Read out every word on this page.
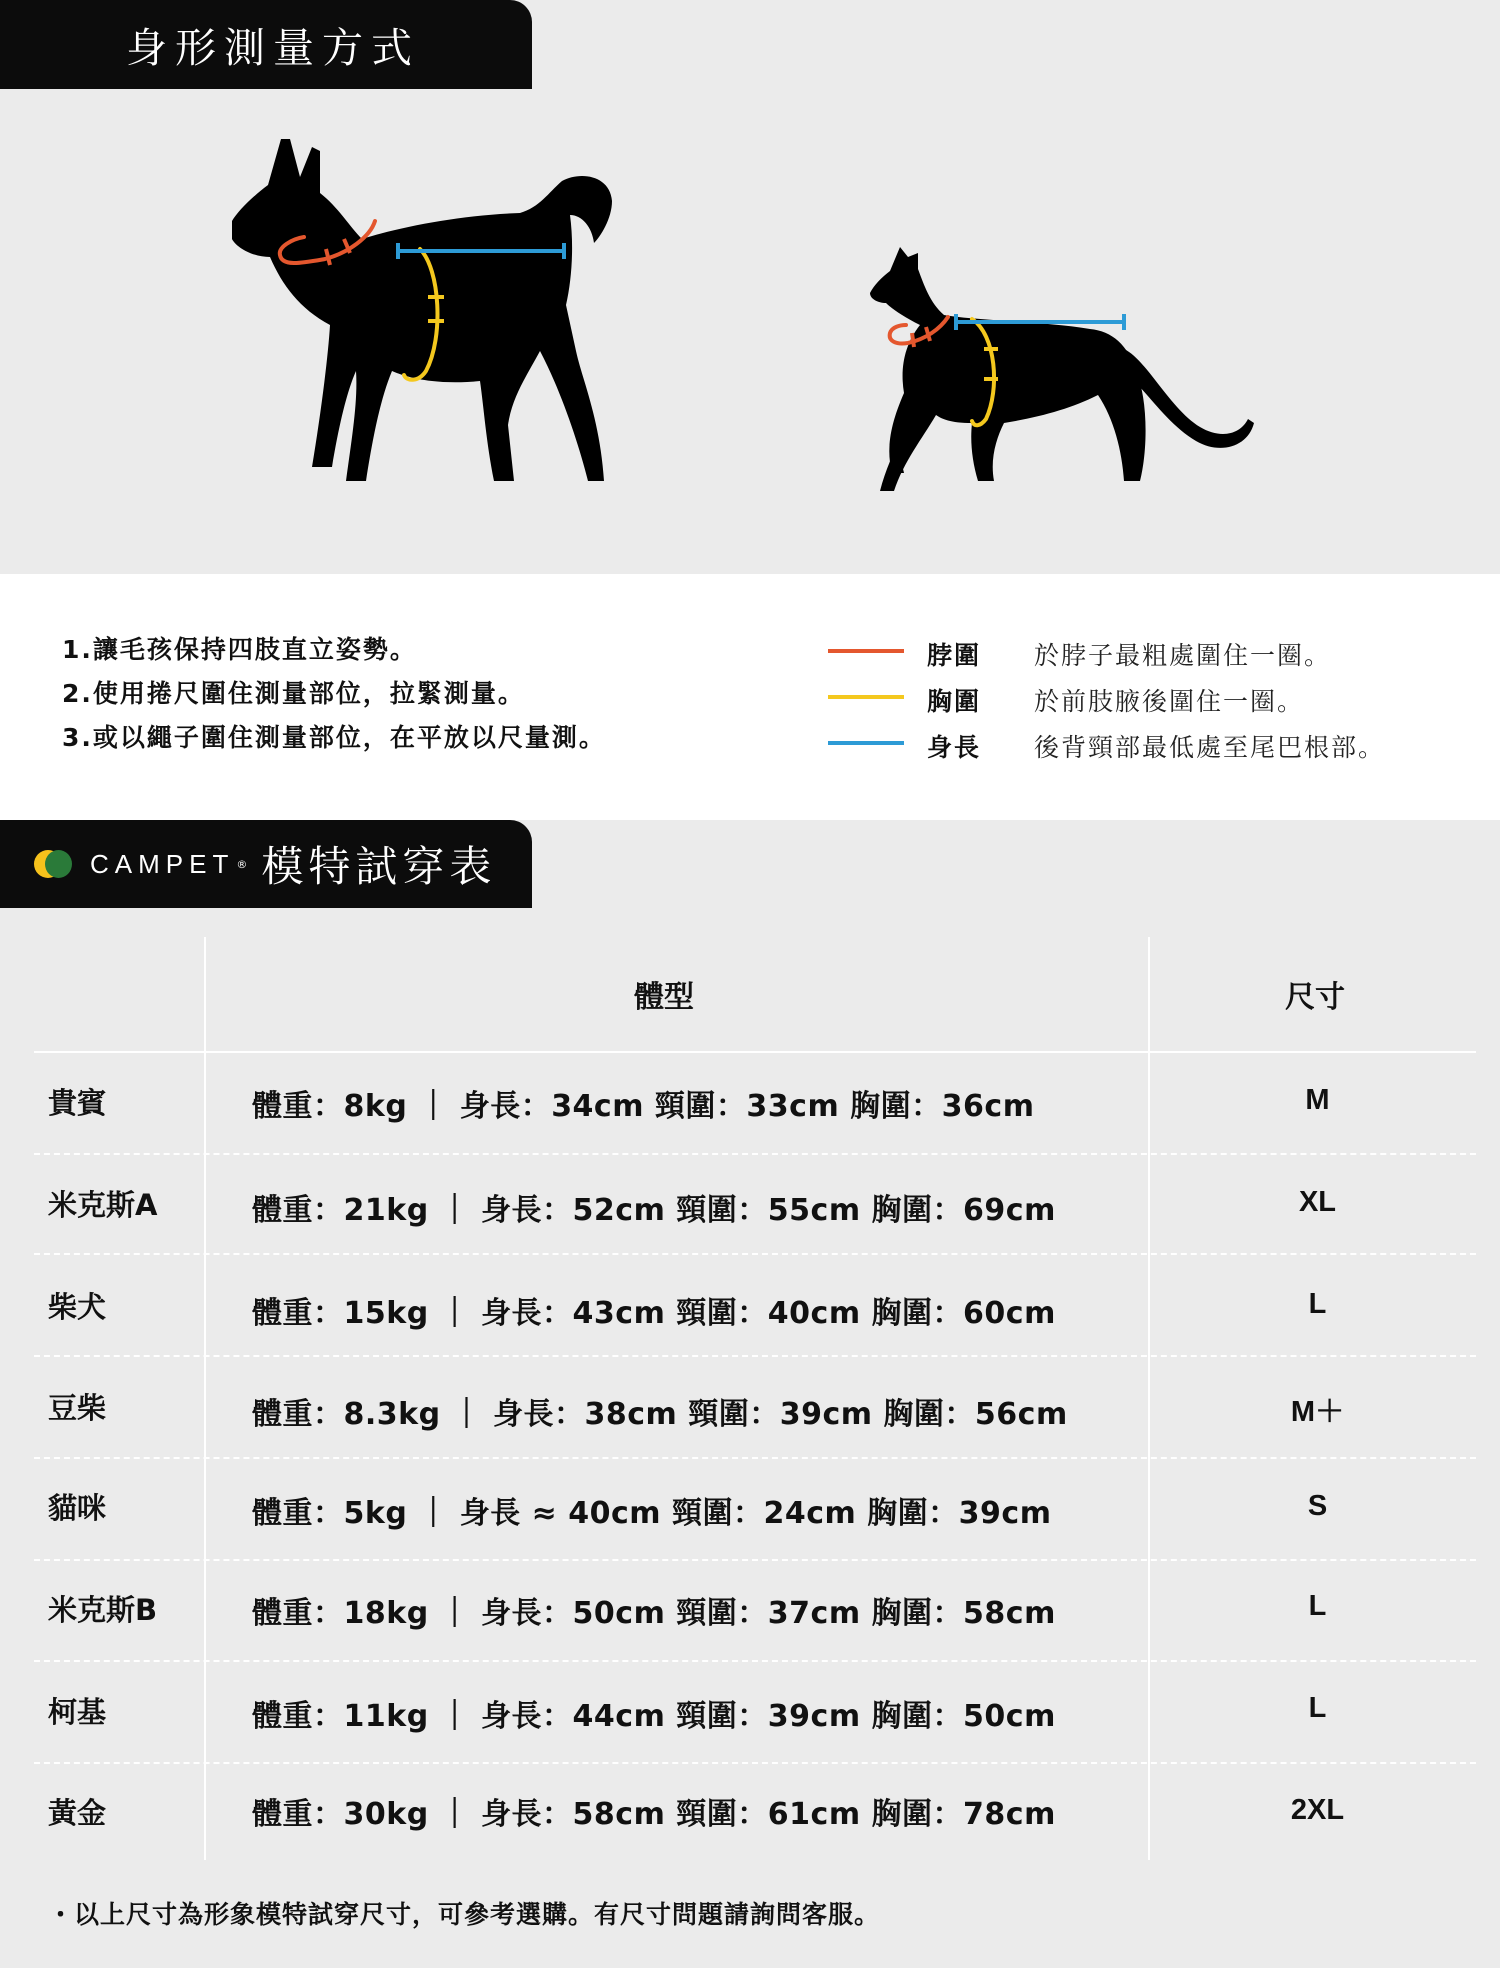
身形測量方式
1.讓毛孩保持四肢直立姿勢。
2.使用捲尺圍住測量部位，拉緊測量。
3.或以繩子圍住測量部位，在平放以尺量測。
脖圍 於脖子最粗處圍住一圈。
胸圍 於前肢腋後圍住一圈。
身長 後背頸部最低處至尾巴根部。
CAMPET ® 模特試穿表
體型	尺寸
貴賓	體重：8kg ｜ 身長：34cm 頸圍：33cm 胸圍：36cm	M
米克斯A	體重：21kg ｜ 身長：52cm 頸圍：55cm 胸圍：69cm	XL
柴犬	體重：15kg ｜ 身長：43cm 頸圍：40cm 胸圍：60cm	L
豆柴	體重：8.3kg ｜ 身長：38cm 頸圍：39cm 胸圍：56cm	M＋
貓咪	體重：5kg ｜ 身長 ≈ 40cm 頸圍：24cm 胸圍：39cm	S
米克斯B	體重：18kg ｜ 身長：50cm 頸圍：37cm 胸圍：58cm	L
柯基	體重：11kg ｜ 身長：44cm 頸圍：39cm 胸圍：50cm	L
黃金	體重：30kg ｜ 身長：58cm 頸圍：61cm 胸圍：78cm	2XL
・以上尺寸為形象模特試穿尺寸，可參考選購。有尺寸問題請詢問客服。
